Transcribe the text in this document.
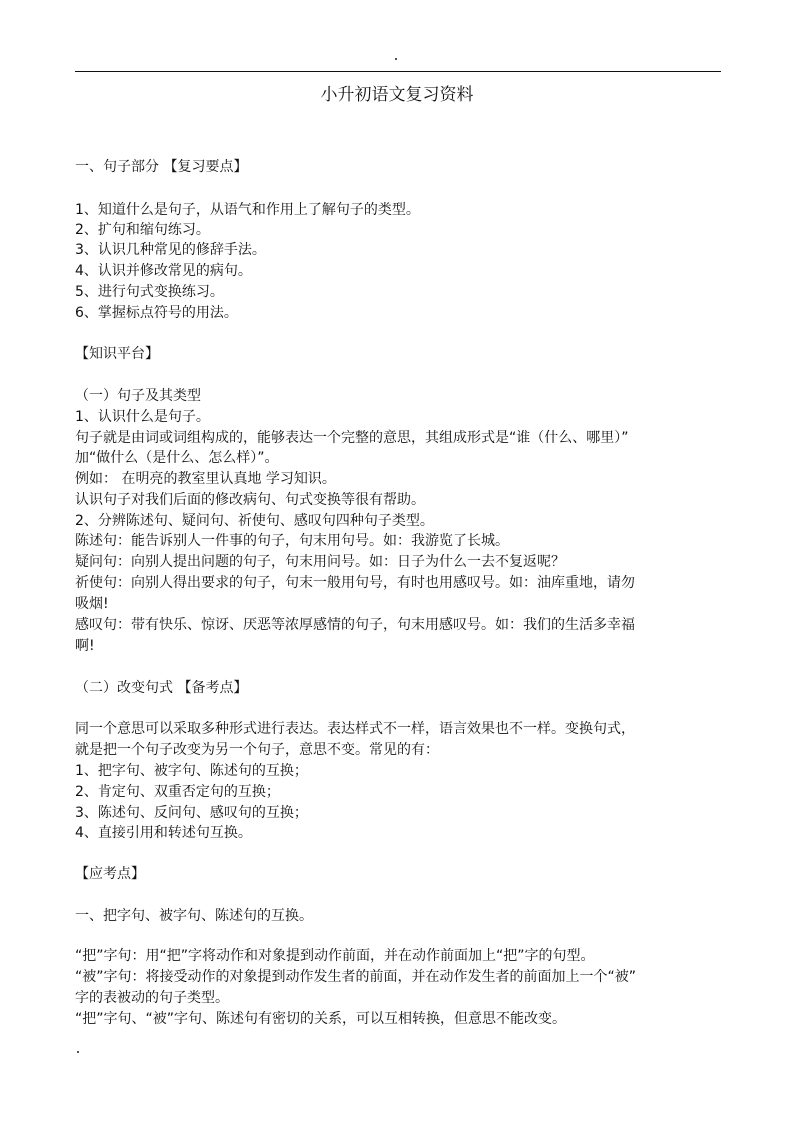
小升初语文复习资料
一、句子部分 【复习要点】
1、知道什么是句子，从语气和作用上了解句子的类型。
2、扩句和缩句练习。
3、认识几种常见的修辞手法。
4、认识并修改常见的病句。
5、进行句式变换练习。
6、掌握标点符号的用法。
【知识平台】
（一）句子及其类型
1、认识什么是句子。
句子就是由词或词组构成的，能够表达一个完整的意思，其组成形式是“谁（什么、哪里）”
加“做什么（是什么、怎么样）”。
例如： 在明亮的教室里认真地 学习知识。
认识句子对我们后面的修改病句、句式变换等很有帮助。
2、分辨陈述句、疑问句、祈使句、感叹句四种句子类型。
陈述句：能告诉别人一件事的句子，句末用句号。如：我游览了长城。
疑问句：向别人提出问题的句子，句末用问号。如：日子为什么一去不复返呢？
祈使句：向别人得出要求的句子，句末一般用句号，有时也用感叹号。如：油库重地，请勿
吸烟!
感叹句：带有快乐、惊讶、厌恶等浓厚感情的句子，句末用感叹号。如：我们的生活多幸福
啊!
（二）改变句式 【备考点】
同一个意思可以采取多种形式进行表达。表达样式不一样，语言效果也不一样。变换句式，
就是把一个句子改变为另一个句子，意思不变。常见的有：
1、把字句、被字句、陈述句的互换；
2、肯定句、双重否定句的互换；
3、陈述句、反问句、感叹句的互换；
4、直接引用和转述句互换。
【应考点】
一、把字句、被字句、陈述句的互换。
“把”字句：用“把”字将动作和对象提到动作前面，并在动作前面加上“把”字的句型。
“被”字句：将接受动作的对象提到动作发生者的前面，并在动作发生者的前面加上一个“被”
字的表被动的句子类型。
“把”字句、“被”字句、陈述句有密切的关系，可以互相转换，但意思不能改变。
